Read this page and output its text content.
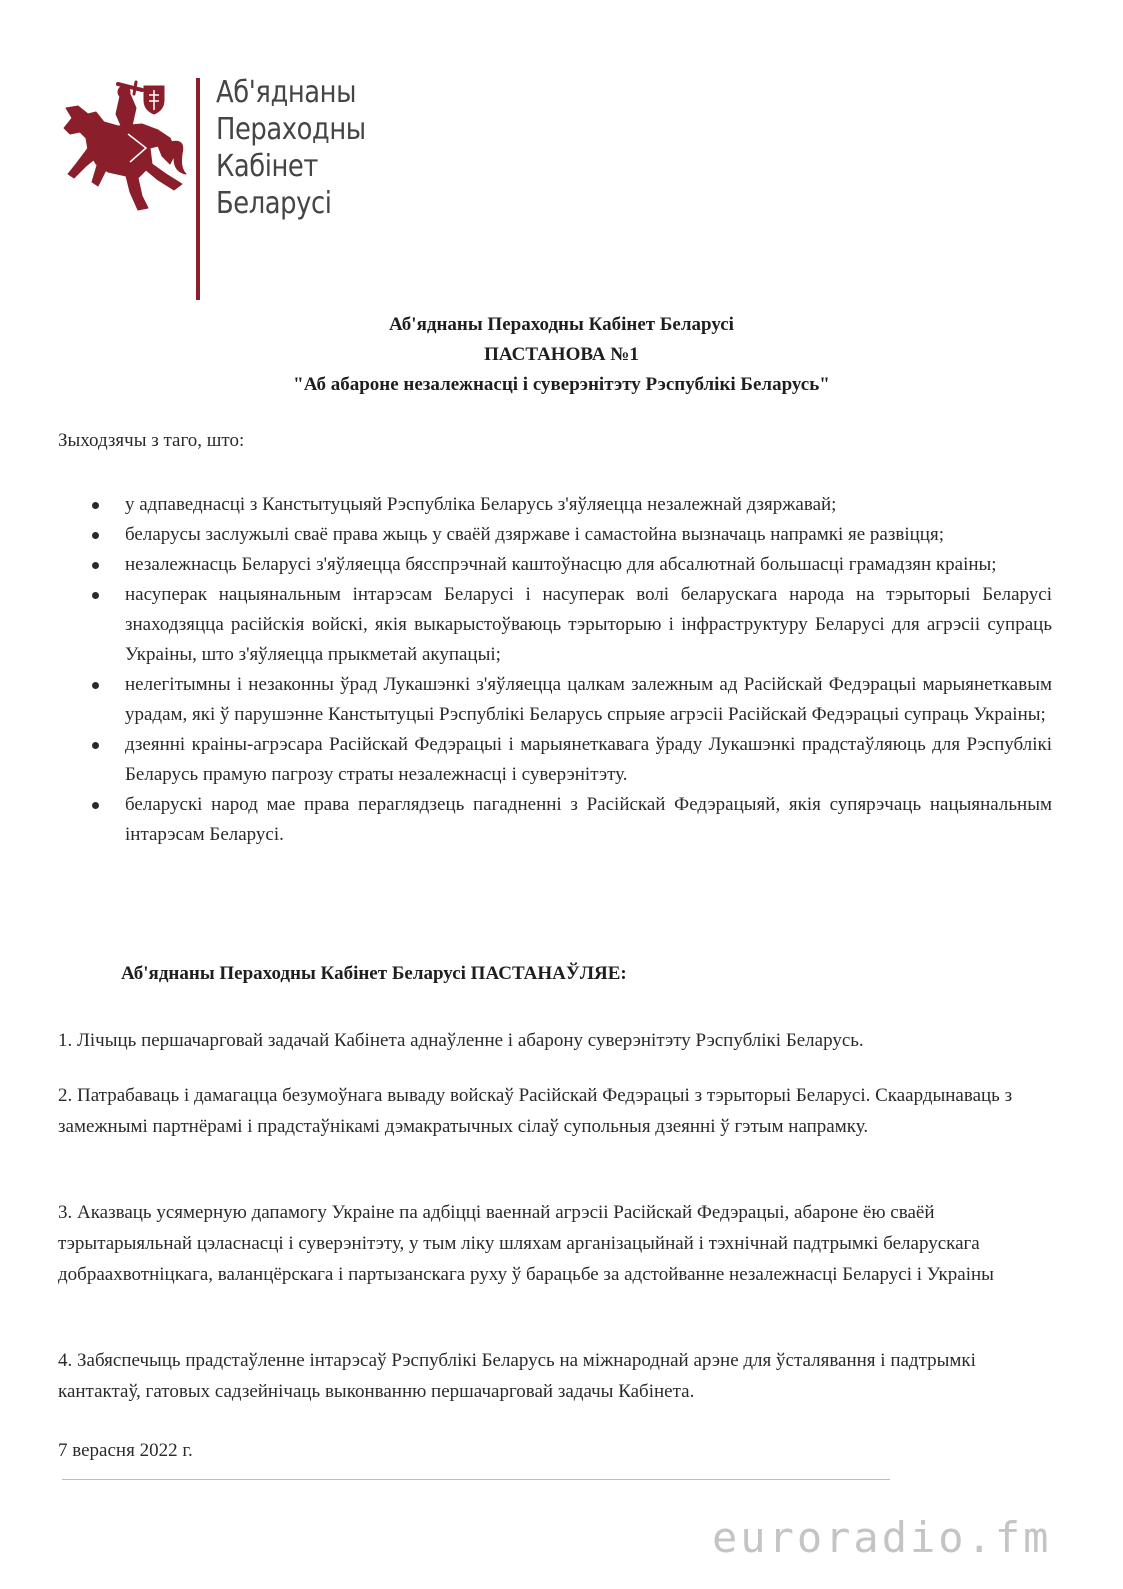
Аб'яднаны
Пераходны
Кабінет
Беларусі
Аб'яднаны Пераходны Кабінет Беларусі
ПАСТАНОВА №1
"Аб абароне незалежнасці і суверэнітэту Рэспублікі Беларусь"
Зыходзячы з таго, што:
у адпаведнасці з Канстытуцыяй Рэспубліка Беларусь з'яўляецца незалежнай дзяржавай;
беларусы заслужылі сваё права жыць у сваёй дзяржаве і самастойна вызначаць напрамкі яе развіцця;
незалежнасць Беларусі з'яўляецца бясспрэчнай каштоўнасцю для абсалютнай большасці грамадзян краіны;
насуперак нацыянальным інтарэсам Беларусі і насуперак волі беларускага народа на тэрыторыі Беларусі знаходзяцца расійскія войскі, якія выкарыстоўваюць тэрыторыю і інфраструктуру Беларусі для агрэсіі супраць Украіны, што з'яўляецца прыкметай акупацыі;
нелегітымны і незаконны ўрад Лукашэнкі з'яўляецца цалкам залежным ад Расійскай Федэрацыі марыянеткавым урадам, які ў парушэнне Канстытуцыі Рэспублікі Беларусь спрыяе агрэсіі Расійскай Федэрацыі супраць Украіны;
дзеянні краіны-агрэсара Расійскай Федэрацыі і марыянеткавага ўраду Лукашэнкі прадстаўляюць для Рэспублікі Беларусь прамую пагрозу страты незалежнасці і суверэнітэту.
беларускі народ мае права пераглядзець пагадненні з Расійскай Федэрацыяй, якія супярэчаць нацыянальным інтарэсам Беларусі.
Аб'яднаны Пераходны Кабінет Беларусі ПАСТАНАЎЛЯЕ:
1. Лічыць першачарговай задачай Кабінета аднаўленне і абарону суверэнітэту Рэспублікі Беларусь.
2. Патрабаваць і дамагацца безумоўнага вываду войскаў Расійскай Федэрацыі з тэрыторыі Беларусі. Скаардынаваць з замежнымі партнёрамі і прадстаўнікамі дэмакратычных сілаў супольныя дзеянні ў гэтым напрамку.
3. Аказваць усямерную дапамогу Украіне па адбіцці ваеннай агрэсіі Расійскай Федэрацыі, абароне ёю сваёй тэрытарыяльнай цэласнасці і суверэнітэту, у тым ліку шляхам арганізацыйнай і тэхнічнай падтрымкі беларускага добраахвотніцкага, валанцёрскага і партызанскага руху ў барацьбе за адстойванне незалежнасці Беларусі і Украіны
4. Забяспечыць прадстаўленне інтарэсаў Рэспублікі Беларусь на міжнароднай арэне для ўсталявання і падтрымкі кантактаў, гатовых садзейнічаць выконванню першачарговай задачы Кабінета.
7 верасня 2022 г.
euroradio.fm
